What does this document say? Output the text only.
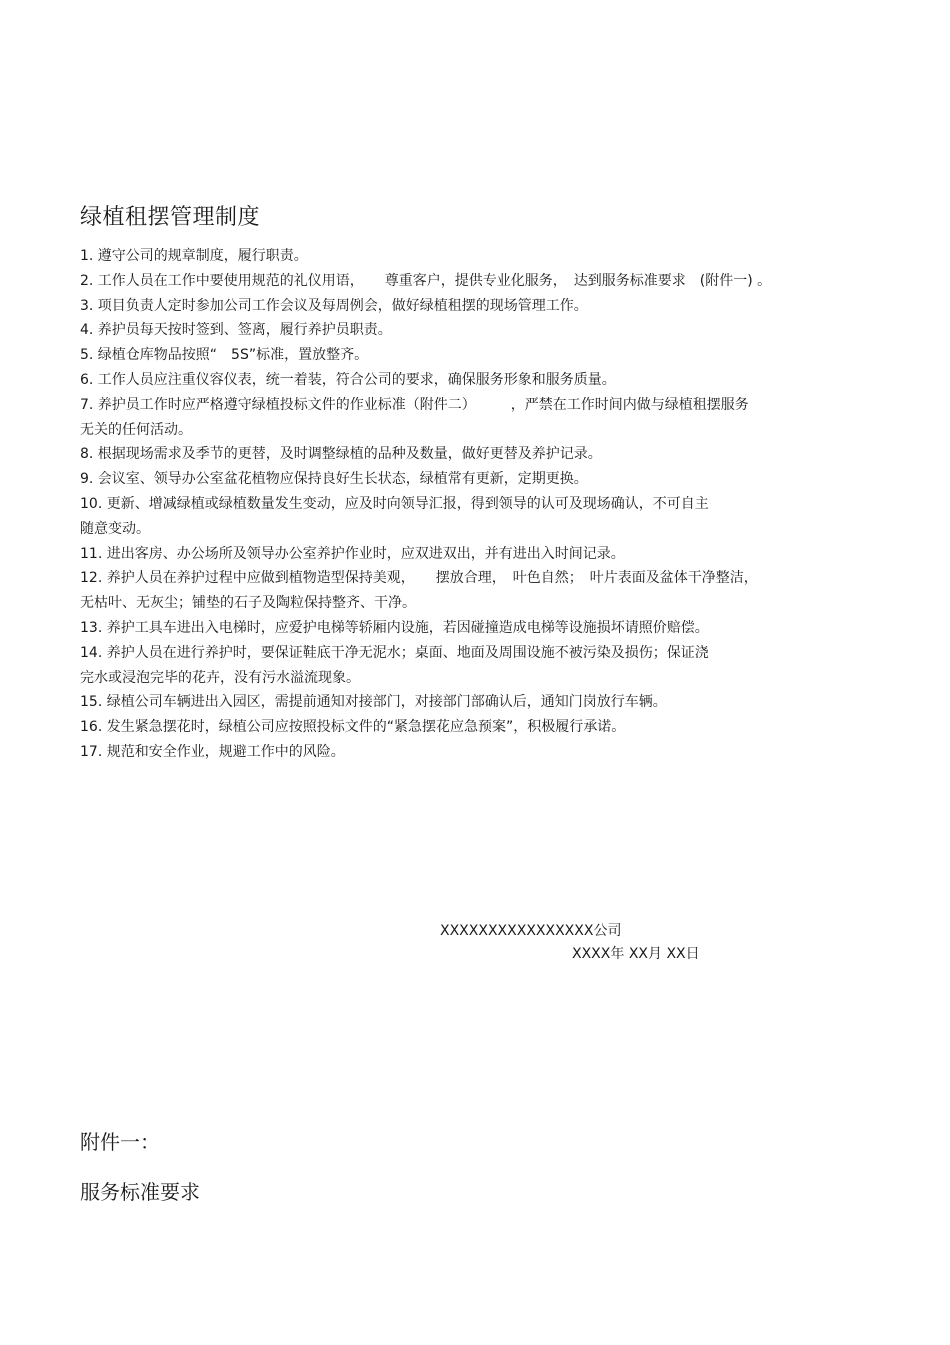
绿植租摆管理制度
1. 遵守公司的规章制度，履行职责。
2. 工作人员在工作中要使用规范的礼仪用语，　　尊重客户，提供专业化服务，　达到服务标准要求　(附件一) 。
3. 项目负责人定时参加公司工作会议及每周例会，做好绿植租摆的现场管理工作。
4. 养护员每天按时签到、签离，履行养护员职责。
5. 绿植仓库物品按照“　5S”标准，置放整齐。
6. 工作人员应注重仪容仪表，统一着装，符合公司的要求，确保服务形象和服务质量。
7. 养护员工作时应严格遵守绿植投标文件的作业标准（附件二）　　　，严禁在工作时间内做与绿植租摆服务
无关的任何活动。
8. 根据现场需求及季节的更替，及时调整绿植的品种及数量，做好更替及养护记录。
9. 会议室、领导办公室盆花植物应保持良好生长状态，绿植常有更新，定期更换。
10. 更新、增减绿植或绿植数量发生变动，应及时向领导汇报，得到领导的认可及现场确认，不可自主
随意变动。
11. 进出客房、办公场所及领导办公室养护作业时，应双进双出，并有进出入时间记录。
12. 养护人员在养护过程中应做到植物造型保持美观，　　摆放合理，　叶色自然；　叶片表面及盆体干净整洁，
无枯叶、无灰尘；铺垫的石子及陶粒保持整齐、干净。
13. 养护工具车进出入电梯时，应爱护电梯等轿厢内设施，若因碰撞造成电梯等设施损坏请照价赔偿。
14. 养护人员在进行养护时，要保证鞋底干净无泥水；桌面、地面及周围设施不被污染及损伤；保证浇
完水或浸泡完毕的花卉，没有污水溢流现象。
15. 绿植公司车辆进出入园区，需提前通知对接部门，对接部门部确认后，通知门岗放行车辆。
16. 发生紧急摆花时，绿植公司应按照投标文件的“紧急摆花应急预案”，积极履行承诺。
17. 规范和安全作业，规避工作中的风险。
XXXXXXXXXXXXXXXX公司
XXXX年 XX月 XX日
附件一：
服务标准要求
